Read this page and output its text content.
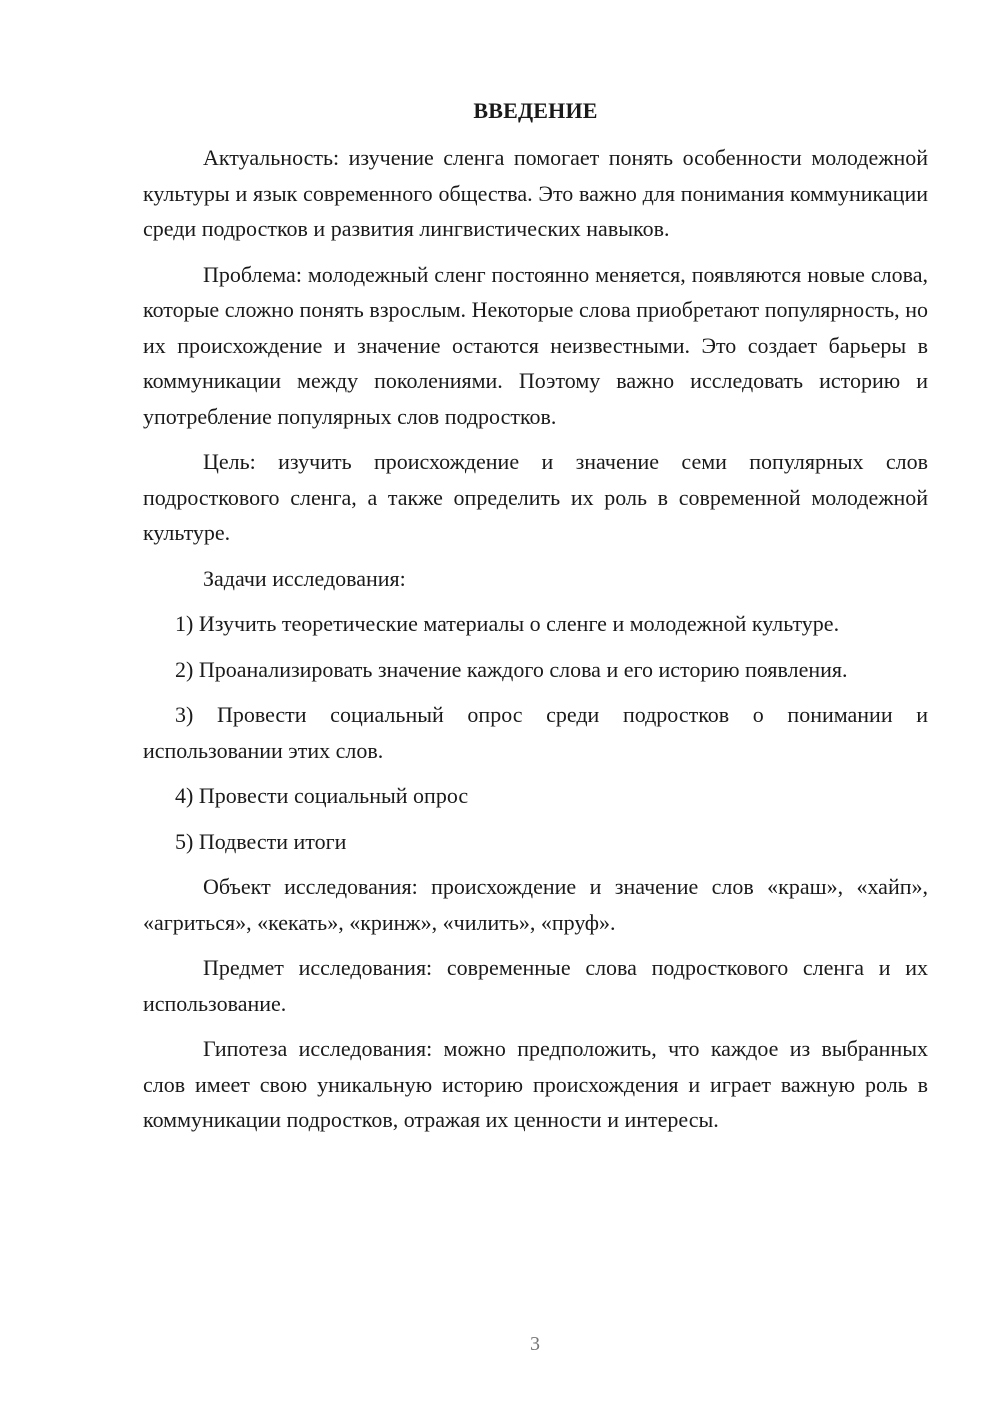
ВВЕДЕНИЕ

Актуальность: изучение сленга помогает понять особенности молодежной культуры и язык современного общества. Это важно для понимания коммуникации среди подростков и развития лингвистических навыков.

Проблема: молодежный сленг постоянно меняется, появляются новые слова, которые сложно понять взрослым. Некоторые слова приобретают популярность, но их происхождение и значение остаются неизвестными. Это создает барьеры в коммуникации между поколениями. Поэтому важно исследовать историю и употребление популярных слов подростков.

Цель: изучить происхождение и значение семи популярных слов подросткового сленга, а также определить их роль в современной молодежной культуре.

Задачи исследования:

1) Изучить теоретические материалы о сленге и молодежной культуре.

2) Проанализировать значение каждого слова и его историю появления.

3) Провести социальный опрос среди подростков о понимании и использовании этих слов.

4) Провести социальный опрос

5) Подвести итоги

Объект исследования: происхождение и значение слов «краш», «хайп», «агриться», «кекать», «кринж», «чилить», «пруф».

Предмет исследования: современные слова подросткового сленга и их использование.

Гипотеза исследования: можно предположить, что каждое из выбранных слов имеет свою уникальную историю происхождения и играет важную роль в коммуникации подростков, отражая их ценности и интересы.

3
